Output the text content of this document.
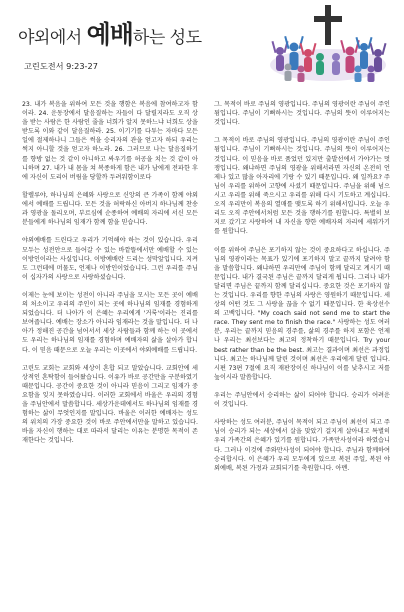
야외에서 예배하는 성도
고린도전서 9:23-27

23. 내가 복음을 위하여 모든 것을 행함은 복음에 참여하고자 함이라. 24. 운동장에서 달음질하는 자들이 다 달릴지라도 오직 상을 받는 사람은 한 사람인 줄을 너희가 알지 못하느냐 너희도 상을 받도록 이와 같이 달음질하라. 25. 이기기를 다투는 자마다 모든 일에 절제하나니 그들은 썩을 승리자의 관을 얻고자 하되 우리는 썩지 아니할 것을 얻고자 하노라. 26. 그러므로 나는 달음질하기를 향방 없는 것 같이 아니하고 싸우기를 허공을 치는 것 같이 아니하며 27. 내가 내 몸을 쳐 복종하게 함은 내가 남에게 전파한 후에 자신이 도리어 버림을 당할까 두려워함이로다

할렐루야, 하나님의 은혜와 사랑으로 신앙의 큰 가족이 함께 야외에서 예배를 드립니다. 모든 것을 허락하신 아버지 하나님께 찬송과 영광을 돌리오며, 부르심에 순종하여 예배의 자리에 서신 모든 분들에게 하나님의 임재가 함께 함을 믿습니다.

야외예배를 드린다고 우리가 기억해야 하는 것이 있습니다. 우리 모두는 성전안으로 들어갈 수 있는 바깥뜰에서만 예배할 수 있는 이방인이라는 사실입니다. 이방예배란 드리는 성막앞입니다. 지켜도 그런데에 머물도, 언제나 이방인이었습니다. 그런 우리를 주님이 십자가의 사랑으로 사랑하셨습니다.

이제는 눈에 보이는 성전이 아니라 주님을 모시는 모든 곳이 예배의 처소이고 우리의 주인이 되는 곳에 하나님의 임재를 경험하게 되었습니다. 더 나아가 이 은혜는 우리에게 '거룩'이라는 진리를 보여줍니다. 예배는 장소가 아니라 임재라는 것을 말입니다. 더 나아가 정해진 공간을 넘어서서 세상 사람들과 함께 하는 이 곳에서도 우리는 하나님의 임재를 경험하며 예배자의 삶을 살아가 합니다. 이 믿음 때문으로 오늘 우리는 이곳에서 야외예배를 드립니다.

고린도 교회는 교회와 세상이 혼합 되고 말았습니다. 교회안에 세상적인 혼탁함이 들어왔습니다. 이유가 바로 공간만을 구분하였기 때문입니다. 공간이 중요한 것이 아니라 믿음이 그리고 임재가 중요함을 잊지 못하였습니다. 이러한 교회에서 바울은 우리의 경험을 주님안에서 말씀합니다. 세상가운데에서도 하나님의 임재를 경험하는 삶이 무엇인지를 말입니다. 바울은 이러한 예배자는 성도의 위치의 가장 중요한 것이 바로 주안에서만을 말하고 있습니다. 바울 자신이 행하는 대로 따라서 달리는 이유는 분명한 목적이 존재한다는 것입니다.

그. 목적이 바로 주님의 영광입니다. 주님의 영광이란 주님이 주인됨입니다. 주님이 기뻐하시는 것입니다. 주님의 뜻이 이루어지는 것입니다.

그 목적이 바로 주님의 영광입니다. 주님의 영광이란 주님이 주인됨입니다. 주님이 기뻐하시는 것입니다. 주님의 뜻이 이루어지는 것입니다. 이 믿음을 바로 품었던 있지만 출발선에서 가야가는 멋쟁입니다. 왜냐하면 주님의 영광을 위해서라면 자신의 온전히 언제나 있고 많을 아자리에 기랑 수 있기 때문입니다. 왜 일까요? 주님이 우리를 위하여 고향에 사셨기 때문입니다. 주님을 위해 넘으시고 우리를 위해 죽으시고 우리를 위해 다시 기도하고 계십니다. 오직 우리만이 복음의 열매를 맺도록 하기 위해서입니다. 오늘 우리도 오직 주안에서처럼 모든 것을 행하기를 원합니다. 특별히 보지로 갔기고 사랑하여 내 자신을 향한 예배자의 자리에 세워가기를 원합니다.

이를 위하여 주님은 포기하지 않는 것이 중요하다고 하십니다. 주님의 영광이라는 목표가 있기에 포기하지 말고 끝까지 달려야 함을 말씀합니다. 왜냐하면 우리만에 주님이 함께 달리고 계시기 때문입니다. 내가 결국된 주님은 끝까지 달리게 됩니다. 그리나 내가 달리면 주님은 끝까지 함께 달리십니다. 중요한 것은 포기하지 않는 것입니다. 우리를 향한 주님의 사랑은 영원하기 때문입니다. 세상의 어떤 것도 그 사랑을 끊을 수 없기 때문입니다. 한 육상선수의 고백입니다. "My coach said not send me to start the race. They sent me to finish the race." 사랑하는 성도 여러분, 우리는 끝까지 믿음의 경주를, 삶의 경주를 하지 포함은 언제나 우리는 최선보다는 최고의 정착하기 때문입니다. Try your best rather than be the best. 최고는 결과이며 최선은 과정입니다. 최고는 하나님께 달린 것이며 최선은 우리에게 달린 입니다. 시편 73편 7절에 요직 재판장이신 하나님이 이를 낮추시고 저를 높이시라 말씀합니다.

우리는 주님안에서 승리하는 삶이 되어야 합니다. 승리가 어려운이 것입니다.

사랑하는 성도 여러분, 주님이 목적이 되고 주님이 최선이 되고 주님이 승리가 되는 세상에서 살을 맞았기 걸지게 살아내고 특별히 우리 가족간의 은혜가 있기를 원합니다. 가족만사성이라 하였습니다. 그러나 이것에 주와만사성이 되어야 합니다. 주님과 함께하여 승리합시다. 이 은혜가 우리 모두에게 있으로 복된 주일, 복된 야외예배, 복된 가정과 교회되기를 축원합니다. 아멘.
